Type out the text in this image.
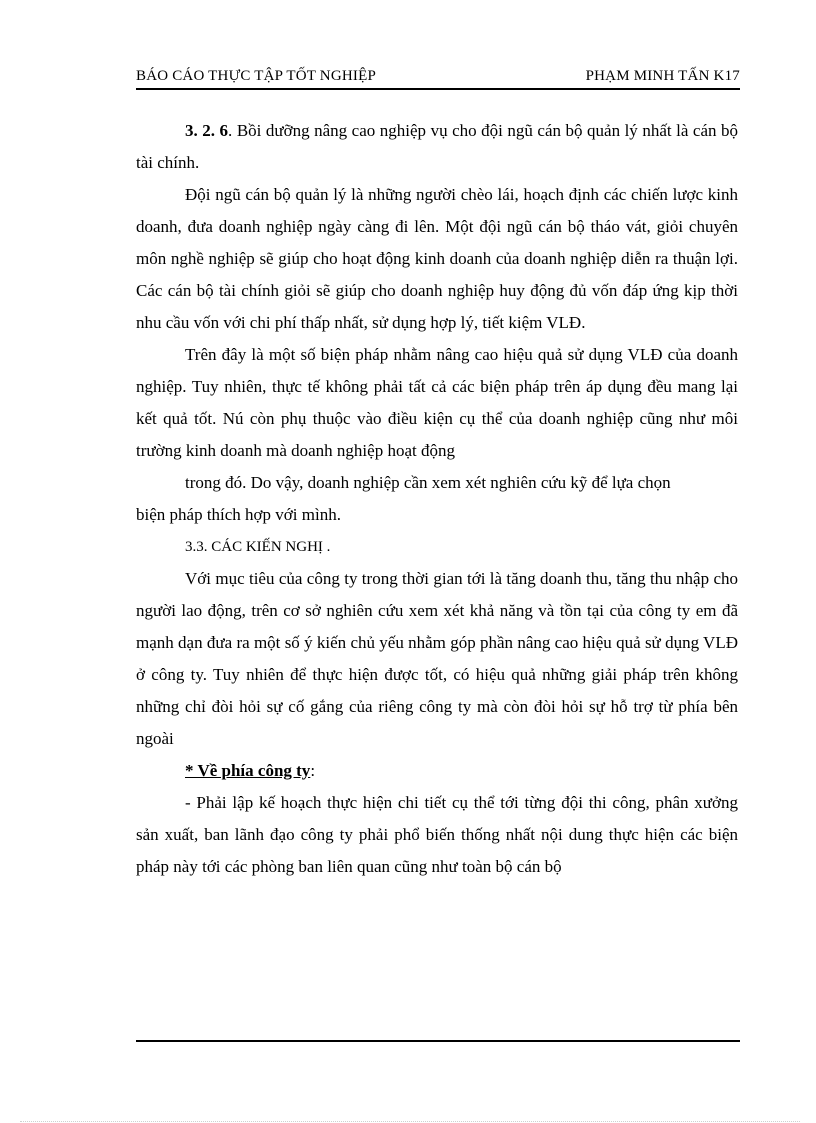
BÁO CÁO THỰC TẬP TỐT NGHIỆP	PHẠM MINH TẤN K17

3. 2. 6. Bồi dưỡng nâng cao nghiệp vụ cho đội ngũ cán bộ quản lý nhất là cán bộ tài chính.

Đội ngũ cán bộ quản lý là những người chèo lái, hoạch định các chiến lược kinh doanh, đưa doanh nghiệp ngày càng đi lên. Một đội ngũ cán bộ tháo vát, giỏi chuyên môn nghề nghiệp sẽ giúp cho hoạt động kinh doanh của doanh nghiệp diễn ra thuận lợi. Các cán bộ tài chính giỏi sẽ giúp cho doanh nghiệp huy động đủ vốn đáp ứng kịp thời nhu cầu vốn với chi phí thấp nhất, sử dụng hợp lý, tiết kiệm VLĐ.

Trên đây là một số biện pháp nhằm nâng cao hiệu quả sử dụng VLĐ của doanh nghiệp. Tuy nhiên, thực tế không phải tất cả các biện pháp trên áp dụng đều mang lại kết quả tốt. Nú còn phụ thuộc vào điều kiện cụ thể của doanh nghiệp cũng như môi trường kinh doanh mà doanh nghiệp hoạt động

trong đó. Do vậy, doanh nghiệp cần xem xét nghiên cứu kỹ để lựa chọn

biện pháp thích hợp với mình.

3.3. CÁC KIẾN NGHỊ .

Với mục tiêu của công ty trong thời gian tới là tăng doanh thu, tăng thu nhập cho người lao động, trên cơ sở nghiên cứu xem xét khả năng và tồn tại của công ty em đã mạnh dạn đưa ra một số ý kiến chủ yếu nhằm góp phần nâng cao hiệu quả sử dụng VLĐ ở công ty. Tuy nhiên để thực hiện được tốt, có hiệu quả những giải pháp trên không những chỉ đòi hỏi sự cố gắng của riêng công ty mà còn đòi hỏi sự hỗ trợ từ phía bên ngoài

* Về phía công ty:

- Phải lập kế hoạch thực hiện chi tiết cụ thể tới từng đội thi công, phân xưởng sản xuất, ban lãnh đạo công ty phải phổ biến thống nhất nội dung thực hiện các biện pháp này tới các phòng ban liên quan cũng như toàn bộ cán bộ
